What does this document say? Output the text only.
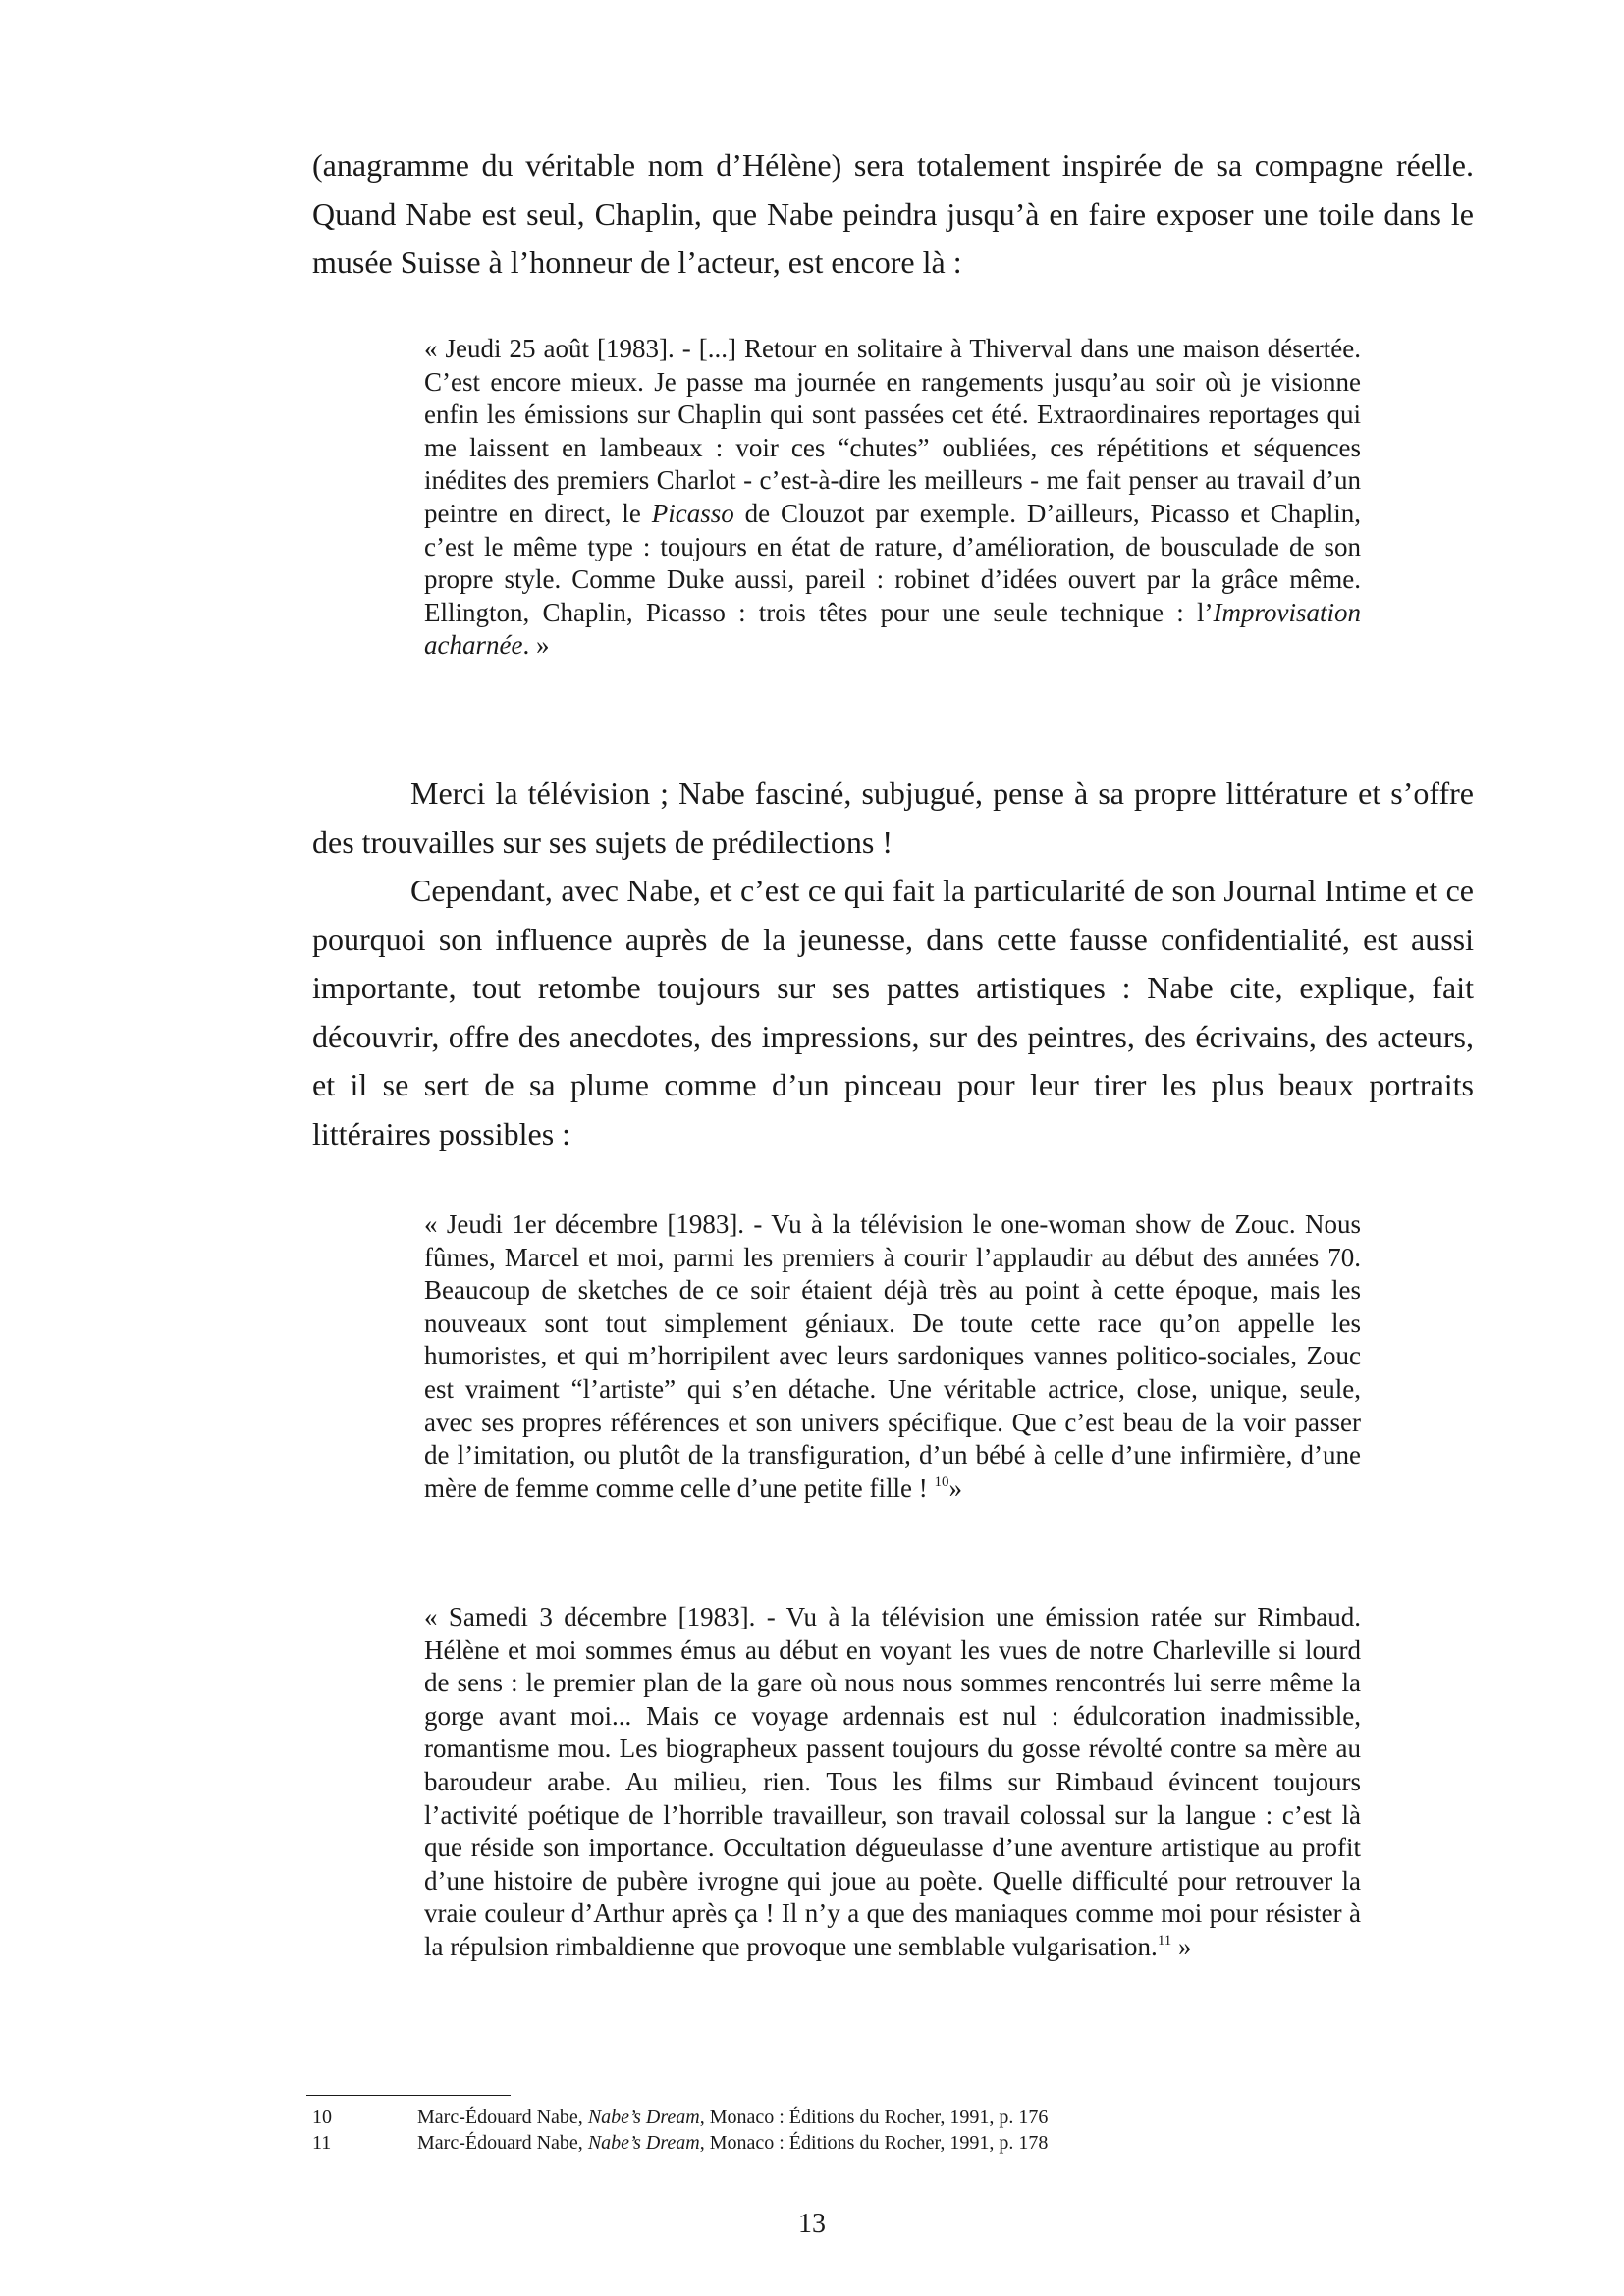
(anagramme du véritable nom d’Hélène) sera totalement inspirée de sa compagne réelle. Quand Nabe est seul, Chaplin, que Nabe peindra jusqu’à en faire exposer une toile dans le musée Suisse à l’honneur de l’acteur, est encore là :

« Jeudi 25 août [1983]. - [...] Retour en solitaire à Thiverval dans une maison désertée. C’est encore mieux. Je passe ma journée en rangements jusqu’au soir où je visionne enfin les émissions sur Chaplin qui sont passées cet été. Extraordinaires reportages qui me laissent en lambeaux : voir ces “chutes” oubliées, ces répétitions et séquences inédites des premiers Charlot - c’est-à-dire les meilleurs - me fait penser au travail d’un peintre en direct, le Picasso de Clouzot par exemple. D’ailleurs, Picasso et Chaplin, c’est le même type : toujours en état de rature, d’amélioration, de bousculade de son propre style. Comme Duke aussi, pareil : robinet d’idées ouvert par la grâce même. Ellington, Chaplin, Picasso : trois têtes pour une seule technique : l’Improvisation acharnée. »

Merci la télévision ; Nabe fasciné, subjugué, pense à sa propre littérature et s’offre des trouvailles sur ses sujets de prédilections !

Cependant, avec Nabe, et c’est ce qui fait la particularité de son Journal Intime et ce pourquoi son influence auprès de la jeunesse, dans cette fausse confidentialité, est aussi importante, tout retombe toujours sur ses pattes artistiques : Nabe cite, explique, fait découvrir, offre des anecdotes, des impressions, sur des peintres, des écrivains, des acteurs, et il se sert de sa plume comme d’un pinceau pour leur tirer les plus beaux portraits littéraires possibles :

« Jeudi 1er décembre [1983]. - Vu à la télévision le one-woman show de Zouc. Nous fûmes, Marcel et moi, parmi les premiers à courir l’applaudir au début des années 70. Beaucoup de sketches de ce soir étaient déjà très au point à cette époque, mais les nouveaux sont tout simplement géniaux. De toute cette race qu’on appelle les humoristes, et qui m’horripilent avec leurs sardoniques vannes politico-sociales, Zouc est vraiment “l’artiste” qui s’en détache. Une véritable actrice, close, unique, seule, avec ses propres références et son univers spécifique. Que c’est beau de la voir passer de l’imitation, ou plutôt de la transfiguration, d’un bébé à celle d’une infirmière, d’une mère de femme comme celle d’une petite fille ! $^{10}$»

« Samedi 3 décembre [1983]. - Vu à la télévision une émission ratée sur Rimbaud. Hélène et moi sommes émus au début en voyant les vues de notre Charleville si lourd de sens : le premier plan de la gare où nous nous sommes rencontrés lui serre même la gorge avant moi... Mais ce voyage ardennais est nul : édulcoration inadmissible, romantisme mou. Les biographeux passent toujours du gosse révolté contre sa mère au baroudeur arabe. Au milieu, rien. Tous les films sur Rimbaud évincent toujours l’activité poétique de l’horrible travailleur, son travail colossal sur la langue : c’est là que réside son importance. Occultation dégueulasse d’une aventure artistique au profit d’une histoire de pubère ivrogne qui joue au poète. Quelle difficulté pour retrouver la vraie couleur d’Arthur après ça ! Il n’y a que des maniaques comme moi pour résister à la répulsion rimbaldienne que provoque une semblable vulgarisation.$^{11}$ »

10	Marc-Édouard Nabe, Nabe’s Dream, Monaco : Éditions du Rocher, 1991, p. 176

11	Marc-Édouard Nabe, Nabe’s Dream, Monaco : Éditions du Rocher, 1991, p. 178

13
